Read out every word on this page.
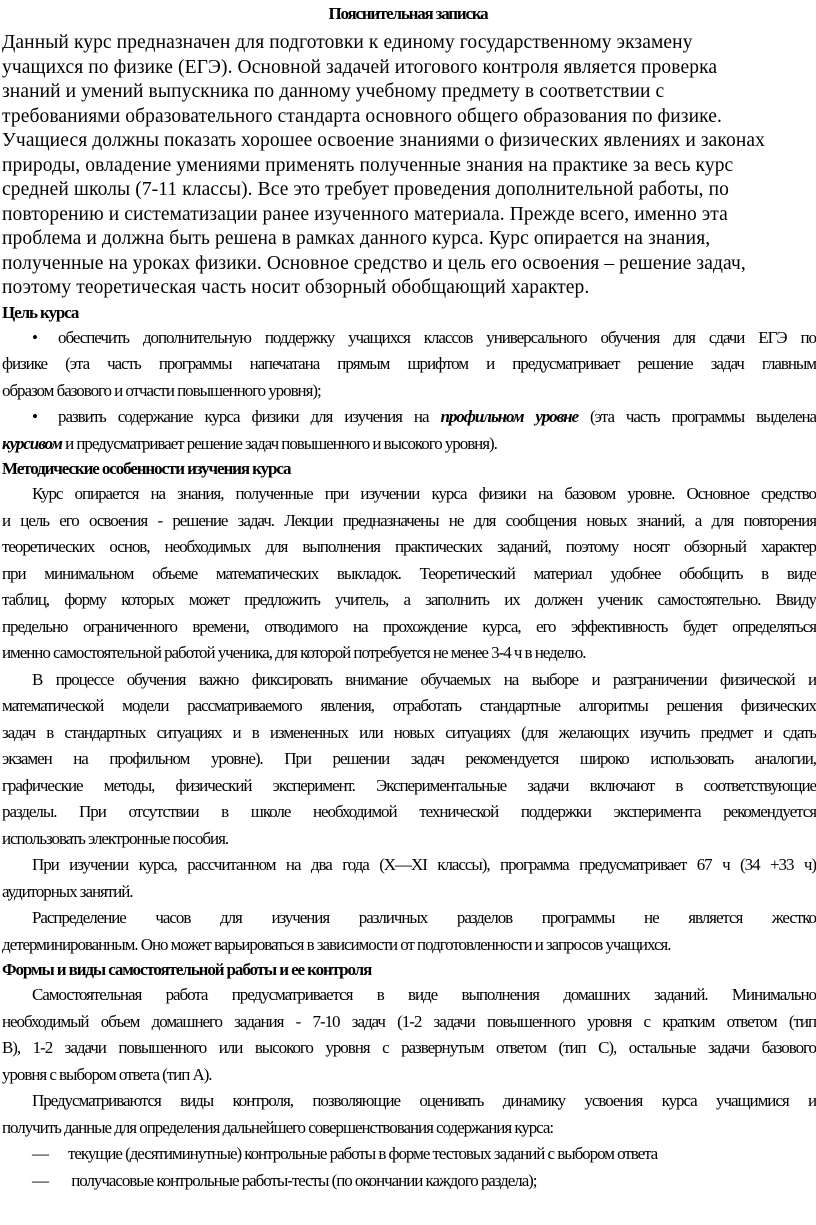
Пояснительная записка
Данный курс предназначен для подготовки к единому государственному экзамену
учащихся по физике (ЕГЭ). Основной задачей итогового контроля является проверка
знаний и умений выпускника по данному учебному предмету в соответствии с
требованиями образовательного стандарта основного общего образования по физике.
Учащиеся должны показать хорошее освоение знаниями о физических явлениях и законах
природы, овладение умениями применять полученные знания на практике за весь курс
средней школы (7-11 классы). Все это требует проведения дополнительной работы, по
повторению и систематизации ранее изученного материала. Прежде всего, именно эта
проблема и должна быть решена в рамках данного курса. Курс опирается на знания,
полученные на уроках физики. Основное средство и цель его освоения – решение задач,
поэтому теоретическая часть носит обзорный обобщающий характер.
Цель курса
• обеспечить дополнительную поддержку учащихся классов универсального обучения для сдачи ЕГЭ по
физике (эта часть программы напечатана прямым шрифтом и предусматривает решение задач главным
образом базового и отчасти повышенного уровня);
• развить содержание курса физики для изучения на профильном уровне (эта часть программы выделена
курсивом и предусматривает решение задач повышенного и высокого уровня).
Методические особенности изучения курса
Курс опирается на знания, полученные при изучении курса физики на базовом уровне. Основное средство
и цель его освоения - решение задач. Лекции предназначены не для сообщения новых знаний, а для повторения
теоретических основ, необходимых для выполнения практических заданий, поэтому носят обзорный характер
при минимальном объеме математических выкладок. Теоретический материал удобнее обобщить в виде
таблиц, форму которых может предложить учитель, а заполнить их должен ученик самостоятельно. Ввиду
предельно ограниченного времени, отводимого на прохождение курса, его эффективность будет определяться
именно самостоятельной работой ученика, для которой потребуется не менее 3-4 ч в неделю.
В процессе обучения важно фиксировать внимание обучаемых на выборе и разграничении физической и
математической модели рассматриваемого явления, отработать стандартные алгоритмы решения физических
задач в стандартных ситуациях и в измененных или новых ситуациях (для желающих изучить предмет и сдать
экзамен на профильном уровне). При решении задач рекомендуется широко использовать аналогии,
графические методы, физический эксперимент. Экспериментальные задачи включают в соответствующие
разделы. При отсутствии в школе необходимой технической поддержки эксперимента рекомендуется
использовать электронные пособия.
При изучении курса, рассчитанном на два года (X—XI классы), программа предусматривает 67 ч (34 +33 ч)
аудиторных занятий.
Распределение часов для изучения различных разделов программы не является жестко
детерминированным. Оно может варьироваться в зависимости от подготовленности и запросов учащихся.
Формы и виды самостоятельной работы и ее контроля
Самостоятельная работа предусматривается в виде выполнения домашних заданий. Минимально
необходимый объем домашнего задания - 7-10 задач (1-2 задачи повышенного уровня с кратким ответом (тип
В), 1-2 задачи повышенного или высокого уровня с развернутым ответом (тип С), остальные задачи базового
уровня с выбором ответа (тип А).
Предусматриваются виды контроля, позволяющие оценивать динамику усвоения курса учащимися и
получить данные для определения дальнейшего совершенствования содержания курса:
— текущие (десятиминутные) контрольные работы в форме тестовых заданий с выбором ответа
— получасовые контрольные работы-тесты (по окончании каждого раздела);
